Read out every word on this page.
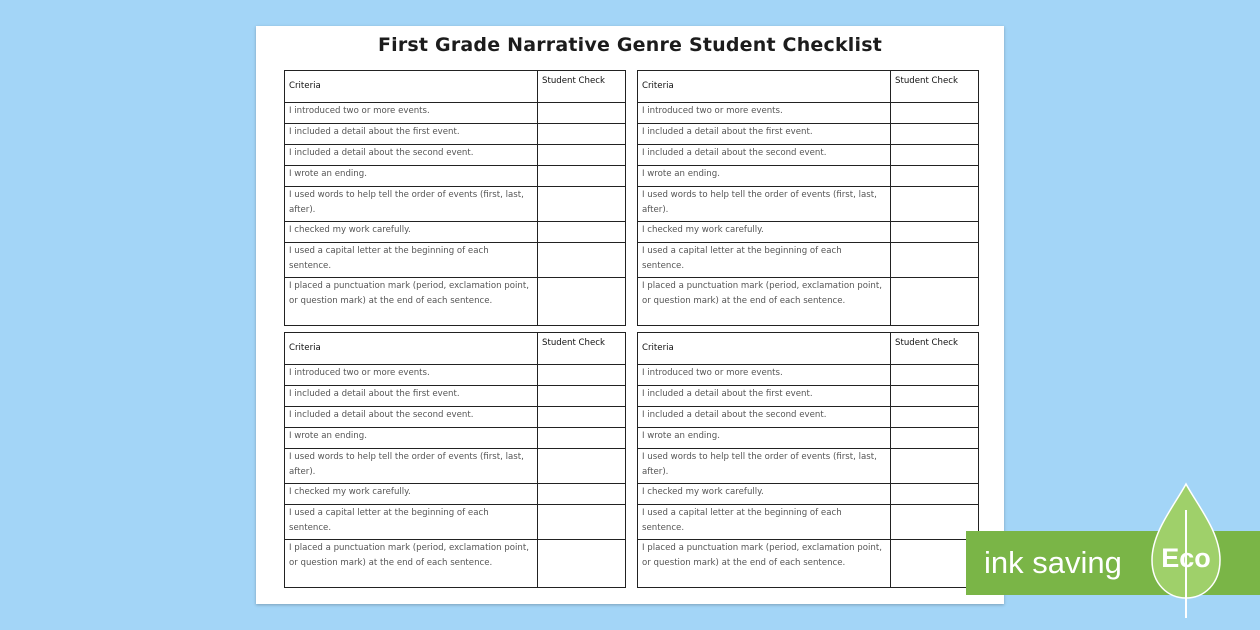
First Grade Narrative Genre Student Checklist
Criteria	Student Check
I introduced two or more events.	
I included a detail about the first event.	
I included a detail about the second event.	
I wrote an ending.	
I used words to help tell the order of events (first, last, after).	
I checked my work carefully.	
I used a capital letter at the beginning of each sentence.	
I placed a punctuation mark (period, exclamation point, or question mark) at the end of each sentence.	
Criteria	Student Check
I introduced two or more events.	
I included a detail about the first event.	
I included a detail about the second event.	
I wrote an ending.	
I used words to help tell the order of events (first, last, after).	
I checked my work carefully.	
I used a capital letter at the beginning of each sentence.	
I placed a punctuation mark (period, exclamation point, or question mark) at the end of each sentence.	
Criteria	Student Check
I introduced two or more events.	
I included a detail about the first event.	
I included a detail about the second event.	
I wrote an ending.	
I used words to help tell the order of events (first, last, after).	
I checked my work carefully.	
I used a capital letter at the beginning of each sentence.	
I placed a punctuation mark (period, exclamation point, or question mark) at the end of each sentence.	
Criteria	Student Check
I introduced two or more events.	
I included a detail about the first event.	
I included a detail about the second event.	
I wrote an ending.	
I used words to help tell the order of events (first, last, after).	
I checked my work carefully.	
I used a capital letter at the beginning of each sentence.	
I placed a punctuation mark (period, exclamation point, or question mark) at the end of each sentence.		ink saving Eco
